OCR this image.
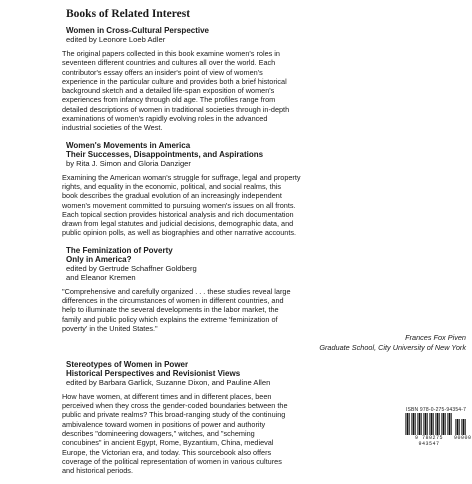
Books of Related Interest
Women in Cross-Cultural Perspective
edited by Leonore Loeb Adler
The original papers collected in this book examine women's roles in
seventeen different countries and cultures all over the world. Each
contributor's essay offers an insider's point of view of women's
experience in the particular culture and provides both a brief historical
background sketch and a detailed life-span exposition of women's
experiences from infancy through old age. The profiles range from
detailed descriptions of women in traditional societies through in-depth
examinations of women's rapidly evolving roles in the advanced
industrial societies of the West.
Women's Movements in America
Their Successes, Disappointments, and Aspirations
by Rita J. Simon and Gloria Danziger
Examining the American woman's struggle for suffrage, legal and property
rights, and equality in the economic, political, and social realms, this
book describes the gradual evolution of an increasingly independent
women's movement committed to pursuing women's issues on all fronts.
Each topical section provides historical analysis and rich documentation
drawn from legal statutes and judicial decisions, demographic data, and
public opinion polls, as well as biographies and other narrative accounts.
The Feminization of Poverty
Only in America?
edited by Gertrude Schaffner Goldberg
and Eleanor Kremen
"Comprehensive and carefully organized . . . these studies reveal large
differences in the circumstances of women in different countries, and
help to illuminate the several developments in the labor market, the
family and public policy which explains the extreme 'feminization of
poverty' in the United States."
Frances Fox Piven
Graduate School, City University of New York
Stereotypes of Women in Power
Historical Perspectives and Revisionist Views
edited by Barbara Garlick, Suzanne Dixon, and Pauline Allen
How have women, at different times and in different places, been
perceived when they cross the gender-coded boundaries between the
public and private realms? This broad-ranging study of the continuing
ambivalence toward women in positions of power and authority
describes "domineering dowagers," witches, and "scheming
concubines" in ancient Egypt, Rome, Byzantium, China, medieval
Europe, the Victorian era, and today. This sourcebook also offers
coverage of the political representation of women in various cultures
and historical periods.
ISBN 978-0-275-94354-7
9 780275 943547
90000
